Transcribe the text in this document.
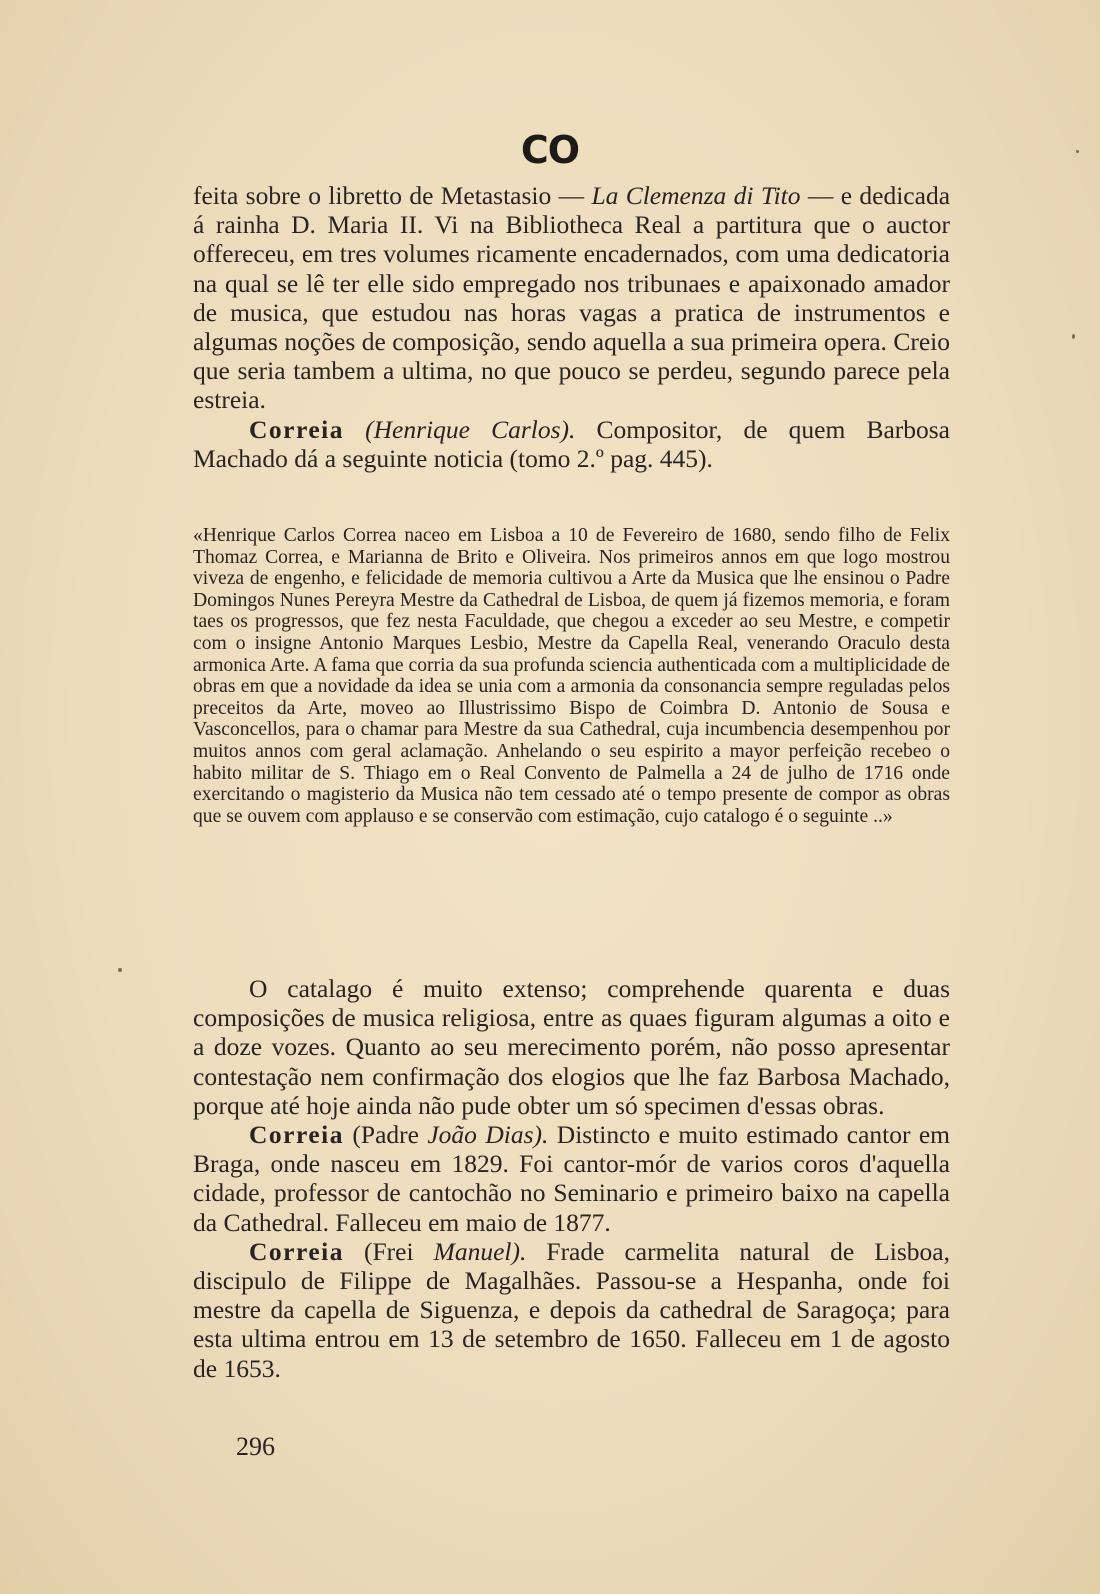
CO

feita sobre o libretto de Metastasio — La Clemenza di Tito — e dedicada á rainha D. Maria II. Vi na Bibliotheca Real a partitura que o auctor offereceu, em tres volumes ricamente encadernados, com uma dedicatoria na qual se lê ter elle sido empregado nos tribunaes e apaixonado amador de musica, que estudou nas horas vagas a pratica de instrumentos e algumas noções de composição, sendo aquella a sua primeira opera. Creio que seria tambem a ultima, no que pouco se perdeu, segundo parece pela estreia.

Correia (Henrique Carlos). Compositor, de quem Barbosa Machado dá a seguinte noticia (tomo 2.º pag. 445).

«Henrique Carlos Correa naceo em Lisboa a 10 de Fevereiro de 1680, sendo filho de Felix Thomaz Correa, e Marianna de Brito e Oliveira. Nos primeiros annos em que logo mostrou viveza de engenho, e felicidade de memoria cultivou a Arte da Musica que lhe ensinou o Padre Domingos Nunes Pereyra Mestre da Cathedral de Lisboa, de quem já fizemos memoria, e foram taes os progressos, que fez nesta Faculdade, que chegou a exceder ao seu Mestre, e competir com o insigne Antonio Marques Lesbio, Mestre da Capella Real, venerando Oraculo desta armonica Arte. A fama que corria da sua profunda sciencia authenticada com a multiplicidade de obras em que a novidade da idea se unia com a armonia da consonancia sempre reguladas pelos preceitos da Arte, moveo ao Illustrissimo Bispo de Coimbra D. Antonio de Sousa e Vasconcellos, para o chamar para Mestre da sua Cathedral, cuja incumbencia desempenhou por muitos annos com geral aclamação. Anhelando o seu espirito a mayor perfeição recebeo o habito militar de S. Thiago em o Real Convento de Palmella a 24 de julho de 1716 onde exercitando o magisterio da Musica não tem cessado até o tempo presente de compor as obras que se ouvem com applauso e se conservão com estimação, cujo catalogo é o seguinte ..»

O catalago é muito extenso; comprehende quarenta e duas composições de musica religiosa, entre as quaes figuram algumas a oito e a doze vozes. Quanto ao seu merecimento porém, não posso apresentar contestação nem confirmação dos elogios que lhe faz Barbosa Machado, porque até hoje ainda não pude obter um só specimen d'essas obras.

Correia (Padre João Dias). Distincto e muito estimado cantor em Braga, onde nasceu em 1829. Foi cantor-mór de varios coros d'aquella cidade, professor de cantochão no Seminario e primeiro baixo na capella da Cathedral. Falleceu em maio de 1877.

Correia (Frei Manuel). Frade carmelita natural de Lisboa, discipulo de Filippe de Magalhães. Passou-se a Hespanha, onde foi mestre da capella de Siguenza, e depois da cathedral de Saragoça; para esta ultima entrou em 13 de setembro de 1650. Falleceu em 1 de agosto de 1653.

296
